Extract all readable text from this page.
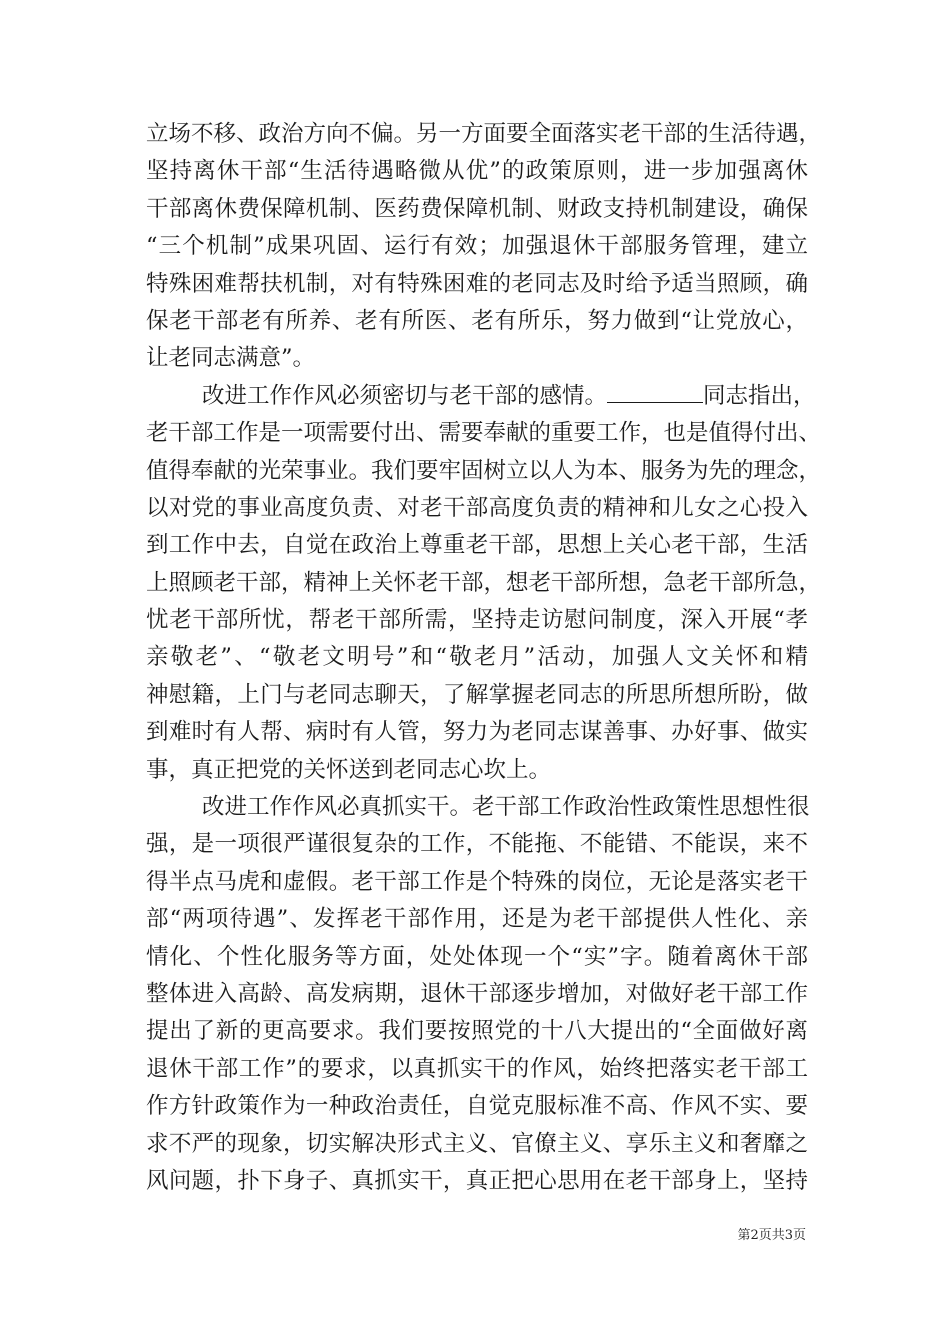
立场不移、政治方向不偏。另一方面要全面落实老干部的生活待遇，
坚持离休干部“生活待遇略微从优”的政策原则，进一步加强离休
干部离休费保障机制、医药费保障机制、财政支持机制建设，确保
“三个机制”成果巩固、运行有效；加强退休干部服务管理，建立
特殊困难帮扶机制，对有特殊困难的老同志及时给予适当照顾，确
保老干部老有所养、老有所医、老有所乐，努力做到“让党放心，
让老同志满意”。
改进工作作风必须密切与老干部的感情。	同志指出，
老干部工作是一项需要付出、需要奉献的重要工作，也是值得付出、
值得奉献的光荣事业。我们要牢固树立以人为本、服务为先的理念，
以对党的事业高度负责、对老干部高度负责的精神和儿女之心投入
到工作中去，自觉在政治上尊重老干部，思想上关心老干部，生活
上照顾老干部，精神上关怀老干部，想老干部所想，急老干部所急，
忧老干部所忧，帮老干部所需，坚持走访慰问制度，深入开展“孝
亲敬老”、“敬老文明号”和“敬老月”活动，加强人文关怀和精
神慰籍，上门与老同志聊天，了解掌握老同志的所思所想所盼，做
到难时有人帮、病时有人管，努力为老同志谋善事、办好事、做实
事，真正把党的关怀送到老同志心坎上。
改进工作作风必真抓实干。老干部工作政治性政策性思想性很
强，是一项很严谨很复杂的工作，不能拖、不能错、不能误，来不
得半点马虎和虚假。老干部工作是个特殊的岗位，无论是落实老干
部“两项待遇”、发挥老干部作用，还是为老干部提供人性化、亲
情化、个性化服务等方面，处处体现一个“实”字。随着离休干部
整体进入高龄、高发病期，退休干部逐步增加，对做好老干部工作
提出了新的更高要求。我们要按照党的十八大提出的“全面做好离
退休干部工作”的要求，以真抓实干的作风，始终把落实老干部工
作方针政策作为一种政治责任，自觉克服标准不高、作风不实、要
求不严的现象，切实解决形式主义、官僚主义、享乐主义和奢靡之
风问题，扑下身子、真抓实干，真正把心思用在老干部身上，坚持
第2页共3页
